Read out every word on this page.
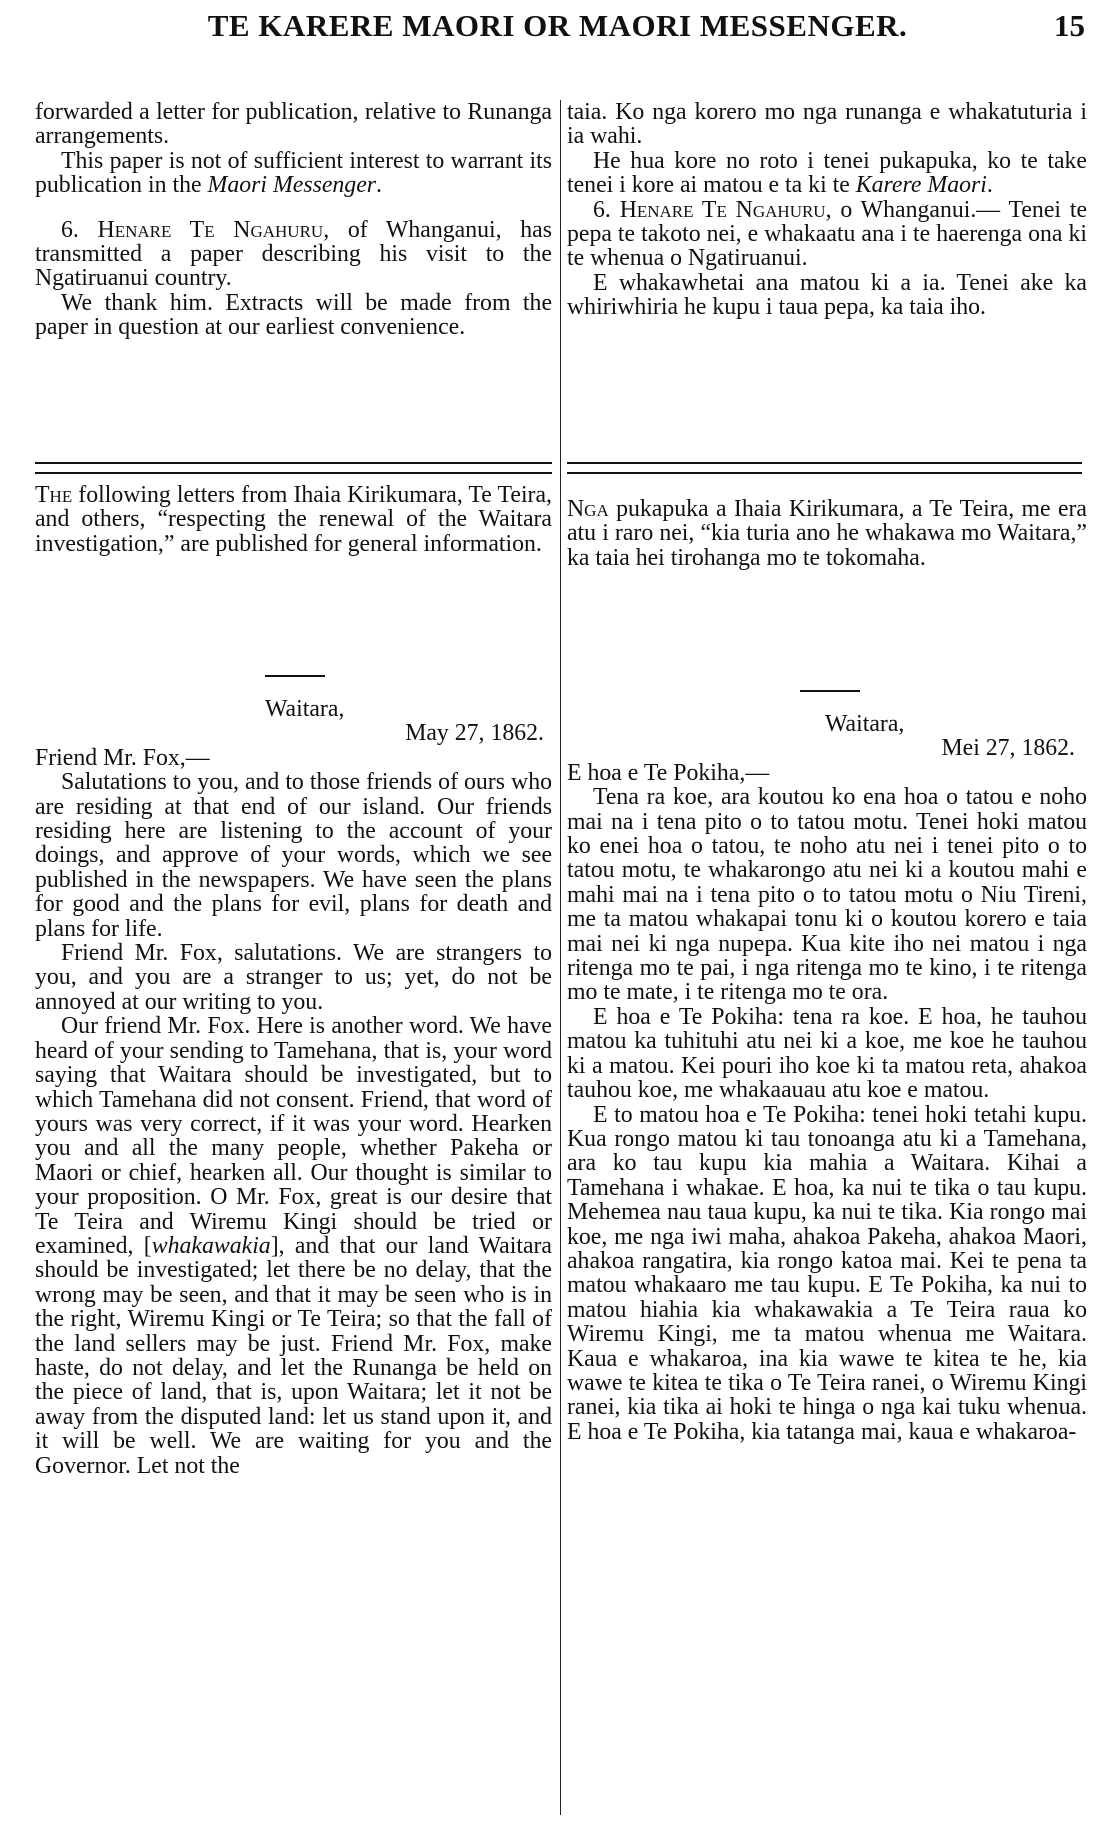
TE KARERE MAORI OR MAORI MESSENGER.	15

forwarded a letter for publication, relative to Runanga arrangements.

This paper is not of sufficient interest to warrant its publication in the Maori Messenger.

6. Henare Te Ngahuru, of Whanganui, has transmitted a paper describing his visit to the Ngatiruanui country.

We thank him. Extracts will be made from the paper in question at our earliest convenience.

The following letters from Ihaia Kirikumara, Te Teira, and others, “respecting the renewal of the Waitara investigation,” are published for general information.

Waitara,

May 27, 1862.

Friend Mr. Fox,—

Salutations to you, and to those friends of ours who are residing at that end of our island. Our friends residing here are listening to the account of your doings, and approve of your words, which we see published in the newspapers. We have seen the plans for good and the plans for evil, plans for death and plans for life.

Friend Mr. Fox, salutations. We are strangers to you, and you are a stranger to us; yet, do not be annoyed at our writing to you.

Our friend Mr. Fox. Here is another word. We have heard of your sending to Tamehana, that is, your word saying that Waitara should be investigated, but to which Tamehana did not consent. Friend, that word of yours was very correct, if it was your word. Hearken you and all the many people, whether Pakeha or Maori or chief, hearken all. Our thought is similar to your proposition. O Mr. Fox, great is our desire that Te Teira and Wiremu Kingi should be tried or examined, [whakawakia], and that our land Waitara should be investigated; let there be no delay, that the wrong may be seen, and that it may be seen who is in the right, Wiremu Kingi or Te Teira; so that the fall of the land sellers may be just. Friend Mr. Fox, make haste, do not delay, and let the Runanga be held on the piece of land, that is, upon Waitara; let it not be away from the disputed land: let us stand upon it, and it will be well. We are waiting for you and the Governor. Let not the

taia. Ko nga korero mo nga runanga e whakatuturia i ia wahi.

He hua kore no roto i tenei pukapuka, ko te take tenei i kore ai matou e ta ki te Karere Maori.

6. Henare Te Ngahuru, o Whanganui.— Tenei te pepa te takoto nei, e whakaatu ana i te haerenga ona ki te whenua o Ngatiruanui.

E whakawhetai ana matou ki a ia. Tenei ake ka whiriwhiria he kupu i taua pepa, ka taia iho.

Nga pukapuka a Ihaia Kirikumara, a Te Teira, me era atu i raro nei, “kia turia ano he whakawa mo Waitara,” ka taia hei tirohanga mo te tokomaha.

Waitara,

Mei 27, 1862.

E hoa e Te Pokiha,—

Tena ra koe, ara koutou ko ena hoa o tatou e noho mai na i tena pito o to tatou motu. Tenei hoki matou ko enei hoa o tatou, te noho atu nei i tenei pito o to tatou motu, te whakarongo atu nei ki a koutou mahi e mahi mai na i tena pito o to tatou motu o Niu Tireni, me ta matou whakapai tonu ki o koutou korero e taia mai nei ki nga nupepa. Kua kite iho nei matou i nga ritenga mo te pai, i nga ritenga mo te kino, i te ritenga mo te mate, i te ritenga mo te ora.

E hoa e Te Pokiha: tena ra koe. E hoa, he tauhou matou ka tuhituhi atu nei ki a koe, me koe he tauhou ki a matou. Kei pouri iho koe ki ta matou reta, ahakoa tauhou koe, me whakaauau atu koe e matou.

E to matou hoa e Te Pokiha: tenei hoki tetahi kupu. Kua rongo matou ki tau tonoanga atu ki a Tamehana, ara ko tau kupu kia mahia a Waitara. Kihai a Tamehana i whakae. E hoa, ka nui te tika o tau kupu. Mehemea nau taua kupu, ka nui te tika. Kia rongo mai koe, me nga iwi maha, ahakoa Pakeha, ahakoa Maori, ahakoa rangatira, kia rongo katoa mai. Kei te pena ta matou whakaaro me tau kupu. E Te Pokiha, ka nui to matou hiahia kia whakawakia a Te Teira raua ko Wiremu Kingi, me ta matou whenua me Waitara. Kaua e whakaroa, ina kia wawe te kitea te he, kia wawe te kitea te tika o Te Teira ranei, o Wiremu Kingi ranei, kia tika ai hoki te hinga o nga kai tuku whenua. E hoa e Te Pokiha, kia tatanga mai, kaua e whakaroa-
